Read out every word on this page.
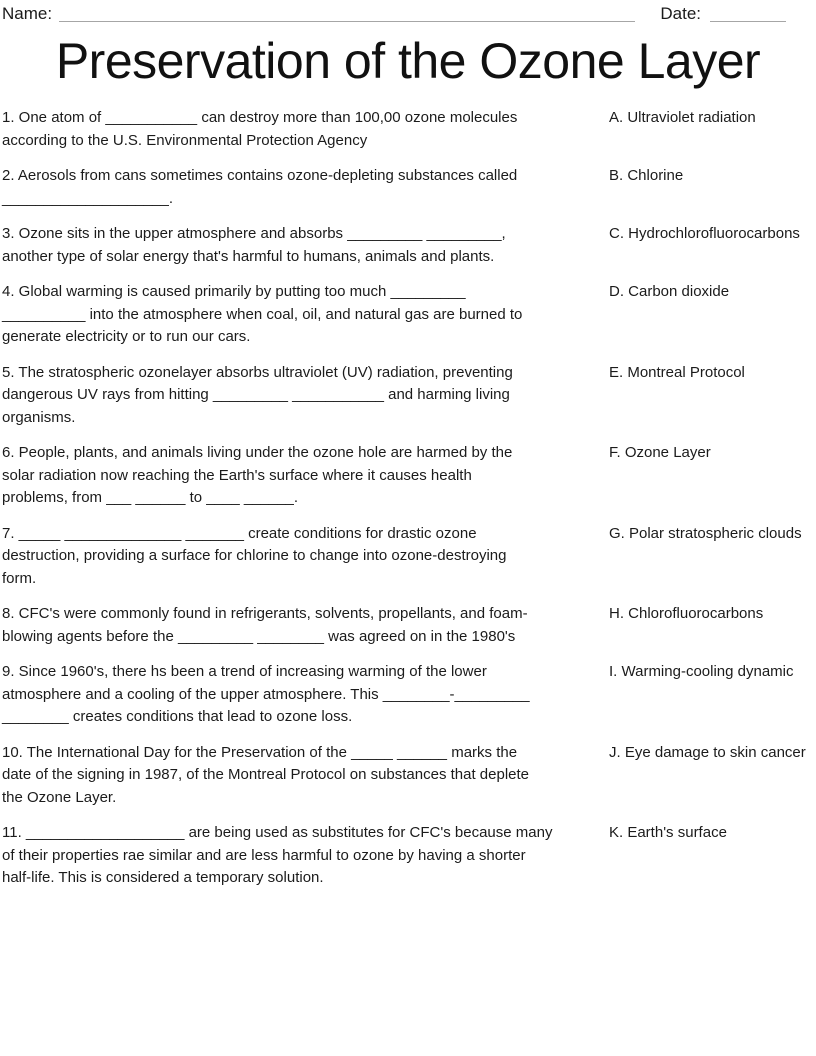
Name:	Date:
Preservation of the Ozone Layer
1. One atom of ___________ can destroy more than 100,00 ozone molecules
according to the U.S. Environmental Protection Agency
A. Ultraviolet radiation
2. Aerosols from cans sometimes contains ozone-depleting substances called
____________________.
B. Chlorine
3. Ozone sits in the upper atmosphere and absorbs _________ _________,
another type of solar energy that's harmful to humans, animals and plants.
C. Hydrochlorofluorocarbons
4. Global warming is caused primarily by putting too much _________
__________ into the atmosphere when coal, oil, and natural gas are burned to
generate electricity or to run our cars.
D. Carbon dioxide
5. The stratospheric ozonelayer absorbs ultraviolet (UV) radiation, preventing
dangerous UV rays from hitting _________ ___________ and harming living
organisms.
E. Montreal Protocol
6. People, plants, and animals living under the ozone hole are harmed by the
solar radiation now reaching the Earth's surface where it causes health
problems, from ___ ______ to ____ ______.
F. Ozone Layer
7. _____ ______________ _______ create conditions for drastic ozone
destruction, providing a surface for chlorine to change into ozone-destroying
form.
G. Polar stratospheric clouds
8. CFC's were commonly found in refrigerants, solvents, propellants, and foam-
blowing agents before the _________ ________ was agreed on in the 1980's
H. Chlorofluorocarbons
9. Since 1960's, there hs been a trend of increasing warming of the lower
atmosphere and a cooling of the upper atmosphere. This ________-_________
________ creates conditions that lead to ozone loss.
I. Warming-cooling dynamic
10. The International Day for the Preservation of the _____ ______ marks the
date of the signing in 1987, of the Montreal Protocol on substances that deplete
the Ozone Layer.
J. Eye damage to skin cancer
11. ___________________ are being used as substitutes for CFC's because many
of their properties rae similar and are less harmful to ozone by having a shorter
half-life. This is considered a temporary solution.
K. Earth's surface
